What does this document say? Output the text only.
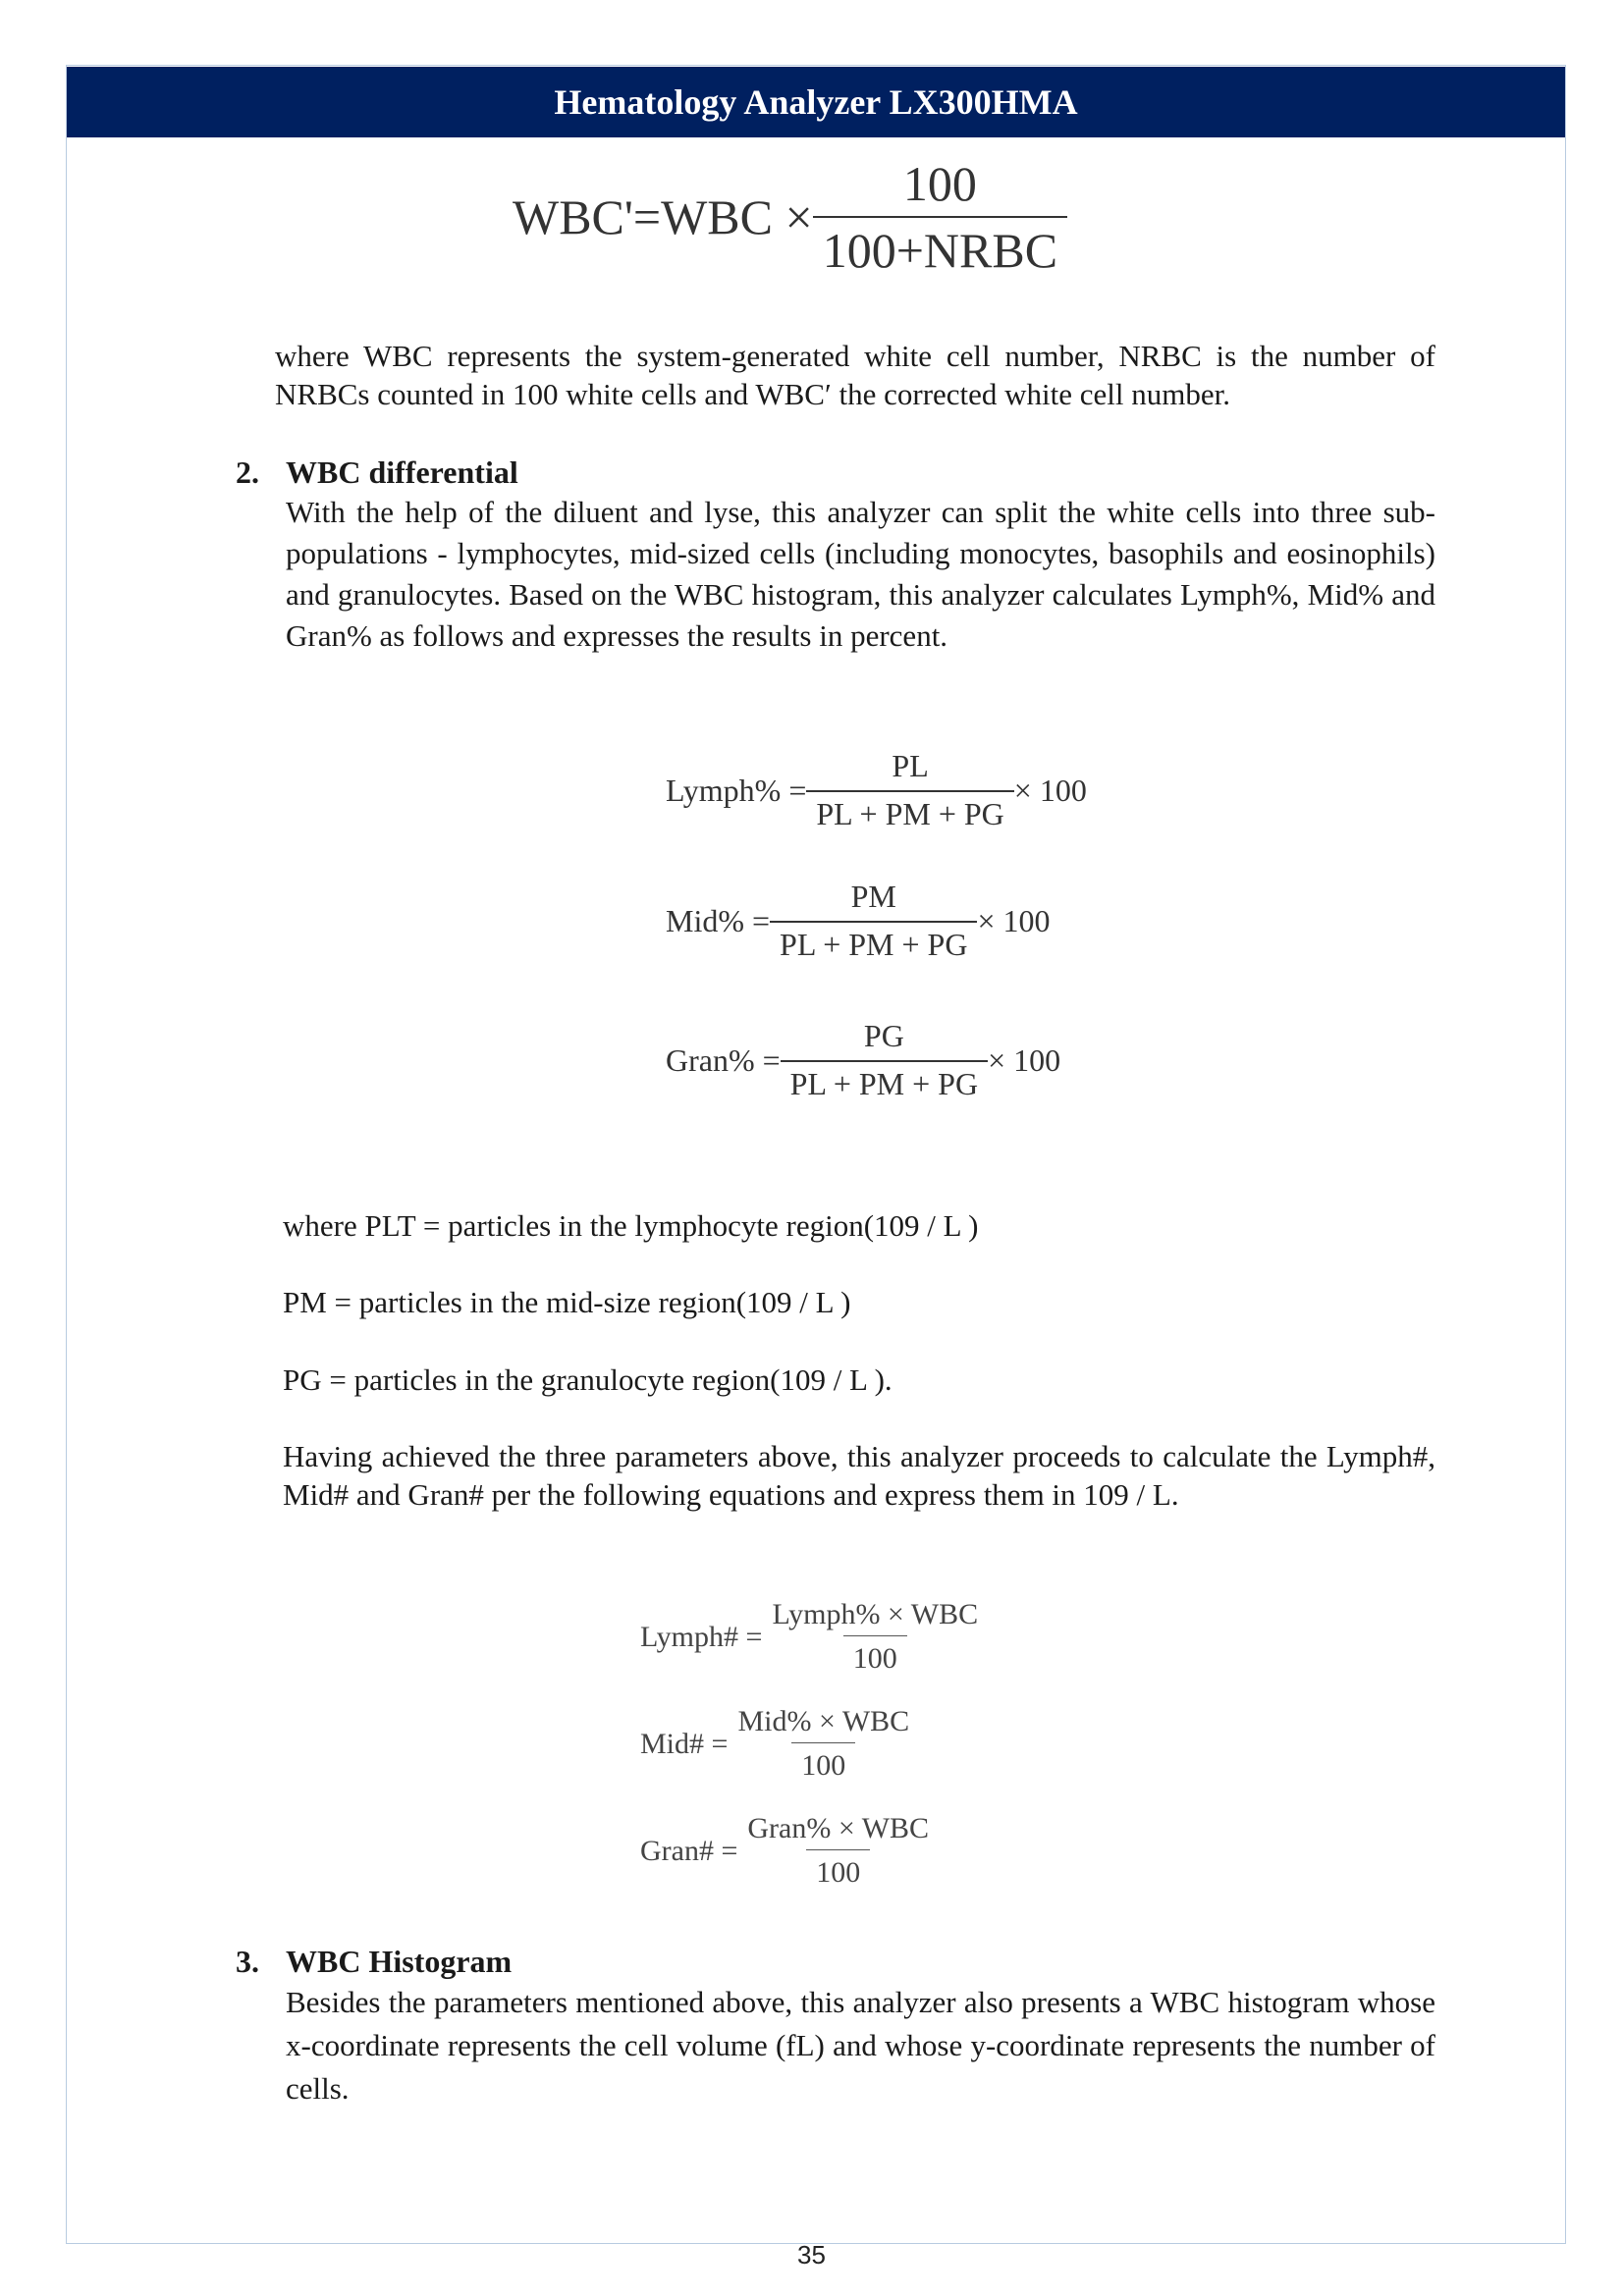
Hematology Analyzer LX300HMA
$WBC'=WBC \times \frac{100}{\text{100+NRBC}}$
where WBC represents the system-generated white cell number, NRBC is the number of NRBCs counted in 100 white cells and WBC′ the corrected white cell number.
2. WBC differential
With the help of the diluent and lyse, this analyzer can split the white cells into three sub-populations - lymphocytes, mid-sized cells (including monocytes, basophils and eosinophils) and granulocytes. Based on the WBC histogram, this analyzer calculates Lymph%, Mid% and Gran% as follows and expresses the results in percent.
Lymph% = $\frac{PL}{PL + PM + PG} \times 100$
$Mid\% = \frac{PM}{PL + PM + PG} \times 100$
Gran% = $\frac{PG}{PL + PM + PG} \times 100$
where PLT = particles in the lymphocyte region(109 / L )
PM = particles in the mid-size region(109 / L )
PG = particles in the granulocyte region(109 / L ).
Having achieved the three parameters above, this analyzer proceeds to calculate the Lymph#, Mid# and Gran# per the following equations and express them in 109 / L.
Lymph# = $\frac{\text{Lymph\% × WBC}}{100}$
Mid# = $\frac{\text{Mid\% × WBC}}{100}$
Gran# = $\frac{\text{Gran\% × WBC}}{100}$
3. WBC Histogram
Besides the parameters mentioned above, this analyzer also presents a WBC histogram whose x-coordinate represents the cell volume (fL) and whose y-coordinate represents the number of cells.
35
